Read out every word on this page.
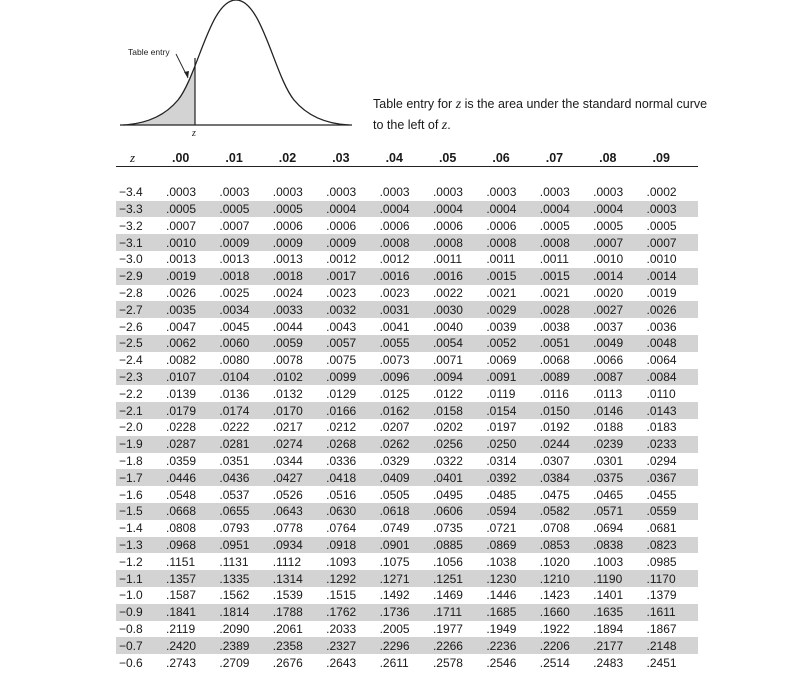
Table entry
z
Table entry for z is the area under the standard normal curve to the left of z.
z	.00	.01	.02	.03	.04	.05	.06	.07	.08	.09

−3.4	.0003	.0003	.0003	.0003	.0003	.0003	.0003	.0003	.0003	.0002
−3.3	.0005	.0005	.0005	.0004	.0004	.0004	.0004	.0004	.0004	.0003
−3.2	.0007	.0007	.0006	.0006	.0006	.0006	.0006	.0005	.0005	.0005
−3.1	.0010	.0009	.0009	.0009	.0008	.0008	.0008	.0008	.0007	.0007
−3.0	.0013	.0013	.0013	.0012	.0012	.0011	.0011	.0011	.0010	.0010
−2.9	.0019	.0018	.0018	.0017	.0016	.0016	.0015	.0015	.0014	.0014
−2.8	.0026	.0025	.0024	.0023	.0023	.0022	.0021	.0021	.0020	.0019
−2.7	.0035	.0034	.0033	.0032	.0031	.0030	.0029	.0028	.0027	.0026
−2.6	.0047	.0045	.0044	.0043	.0041	.0040	.0039	.0038	.0037	.0036
−2.5	.0062	.0060	.0059	.0057	.0055	.0054	.0052	.0051	.0049	.0048
−2.4	.0082	.0080	.0078	.0075	.0073	.0071	.0069	.0068	.0066	.0064
−2.3	.0107	.0104	.0102	.0099	.0096	.0094	.0091	.0089	.0087	.0084
−2.2	.0139	.0136	.0132	.0129	.0125	.0122	.0119	.0116	.0113	.0110
−2.1	.0179	.0174	.0170	.0166	.0162	.0158	.0154	.0150	.0146	.0143
−2.0	.0228	.0222	.0217	.0212	.0207	.0202	.0197	.0192	.0188	.0183
−1.9	.0287	.0281	.0274	.0268	.0262	.0256	.0250	.0244	.0239	.0233
−1.8	.0359	.0351	.0344	.0336	.0329	.0322	.0314	.0307	.0301	.0294
−1.7	.0446	.0436	.0427	.0418	.0409	.0401	.0392	.0384	.0375	.0367
−1.6	.0548	.0537	.0526	.0516	.0505	.0495	.0485	.0475	.0465	.0455
−1.5	.0668	.0655	.0643	.0630	.0618	.0606	.0594	.0582	.0571	.0559
−1.4	.0808	.0793	.0778	.0764	.0749	.0735	.0721	.0708	.0694	.0681
−1.3	.0968	.0951	.0934	.0918	.0901	.0885	.0869	.0853	.0838	.0823
−1.2	.1151	.1131	.1112	.1093	.1075	.1056	.1038	.1020	.1003	.0985
−1.1	.1357	.1335	.1314	.1292	.1271	.1251	.1230	.1210	.1190	.1170
−1.0	.1587	.1562	.1539	.1515	.1492	.1469	.1446	.1423	.1401	.1379
−0.9	.1841	.1814	.1788	.1762	.1736	.1711	.1685	.1660	.1635	.1611
−0.8	.2119	.2090	.2061	.2033	.2005	.1977	.1949	.1922	.1894	.1867
−0.7	.2420	.2389	.2358	.2327	.2296	.2266	.2236	.2206	.2177	.2148
−0.6	.2743	.2709	.2676	.2643	.2611	.2578	.2546	.2514	.2483	.2451
